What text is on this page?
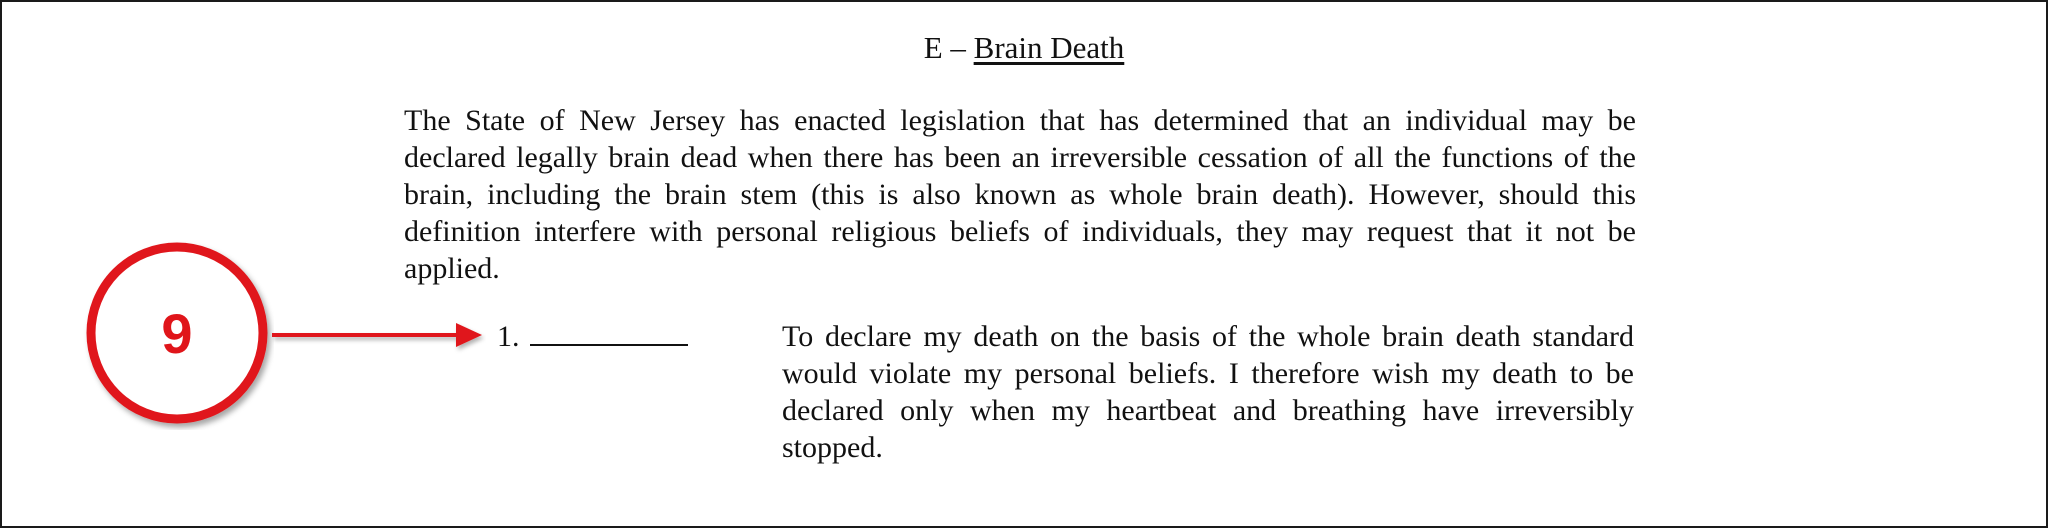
E – Brain Death

The State of New Jersey has enacted legislation that has determined that an individual may be declared legally brain dead when there has been an irreversible cessation of all the functions of the brain, including the brain stem (this is also known as whole brain death). However, should this definition interfere with personal religious beliefs of individuals, they may request that it not be applied.

1.	To declare my death on the basis of the whole brain death standard would violate my personal beliefs. I therefore wish my death to be declared only when my heartbeat and breathing have irreversibly stopped.

9
